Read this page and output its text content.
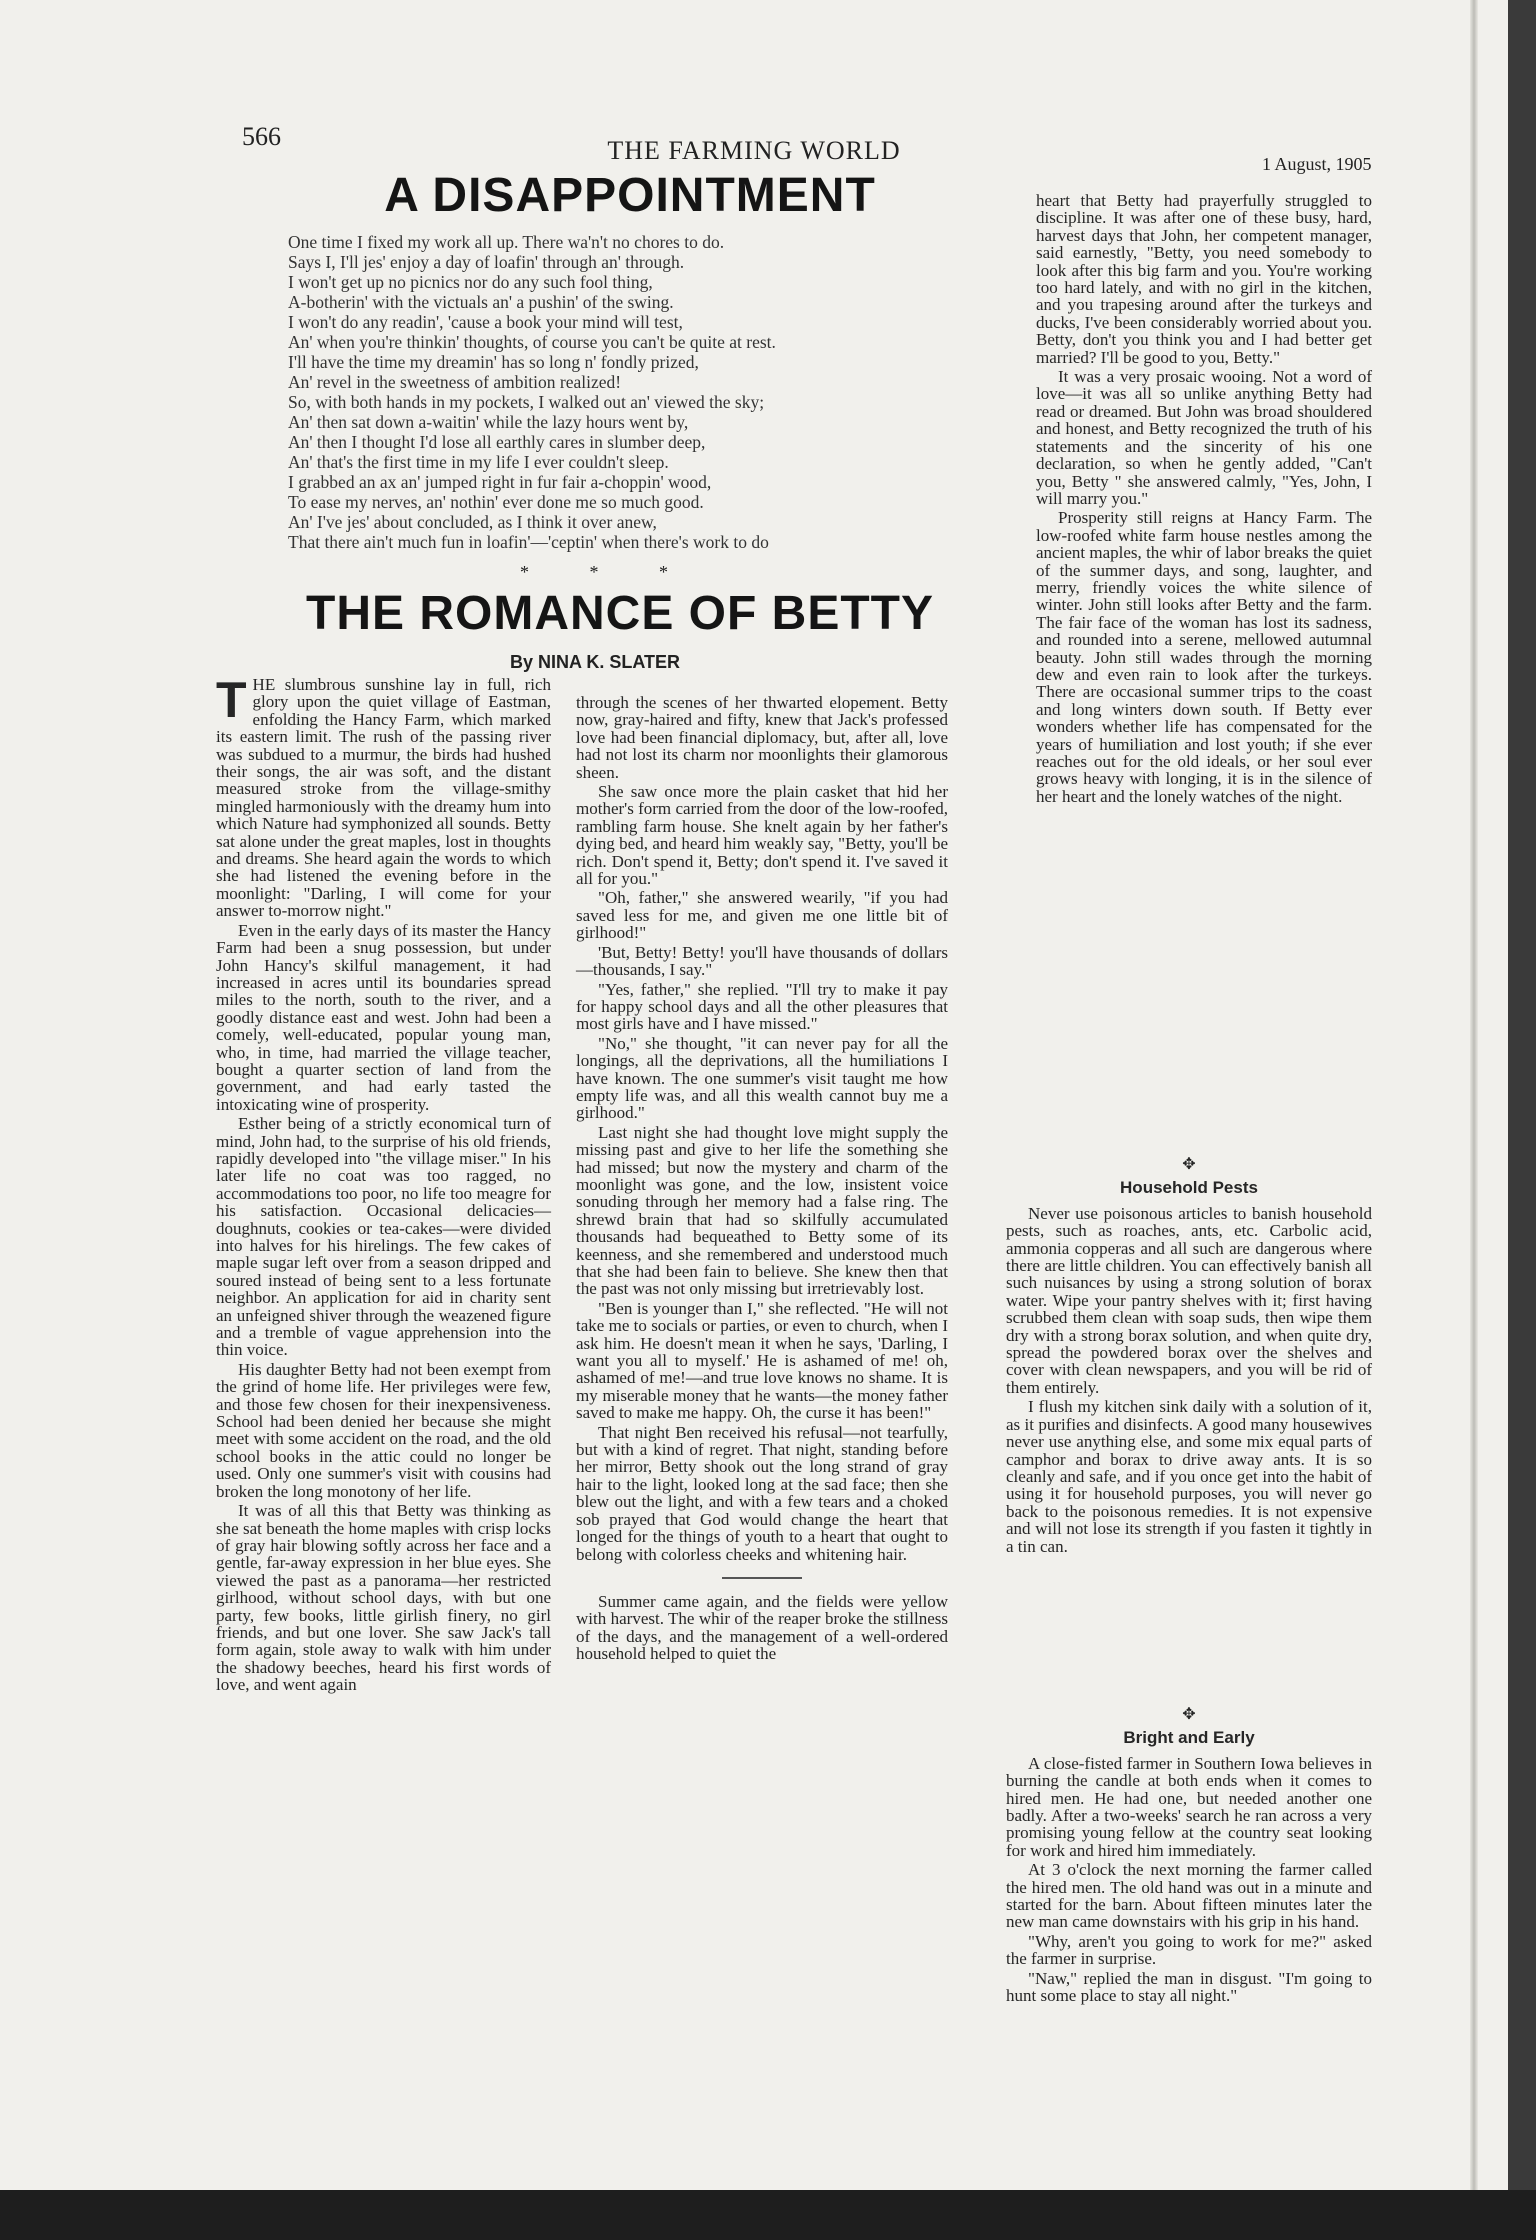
566	THE FARMING WORLD	1 August, 1905
A DISAPPOINTMENT
One time I fixed my work all up. There wa'n't no chores to do.
Says I, I'll jes' enjoy a day of loafin' through an' through.
I won't get up no picnics nor do any such fool thing,
A-botherin' with the victuals an' a pushin' of the swing.
I won't do any readin', 'cause a book your mind will test,
An' when you're thinkin' thoughts, of course you can't be quite at rest.
I'll have the time my dreamin' has so long n' fondly prized,
An' revel in the sweetness of ambition realized!
So, with both hands in my pockets, I walked out an' viewed the sky;
An' then sat down a-waitin' while the lazy hours went by,
An' then I thought I'd lose all earthly cares in slumber deep,
An' that's the first time in my life I ever couldn't sleep.
I grabbed an ax an' jumped right in fur fair a-choppin' wood,
To ease my nerves, an' nothin' ever done me so much good.
An' I've jes' about concluded, as I think it over anew,
That there ain't much fun in loafin'—'ceptin' when there's work to do
* * *
THE ROMANCE OF BETTY
By NINA K. SLATER

THE slumbrous sunshine lay in full, rich glory upon the quiet village of Eastman, enfolding the Hancy Farm, which marked its eastern limit. The rush of the passing river was subdued to a murmur, the birds had hushed their songs, the air was soft, and the distant measured stroke from the village-smithy mingled harmoniously with the dreamy hum into which Nature had symphonized all sounds. Betty sat alone under the great maples, lost in thoughts and dreams. She heard again the words to which she had listened the evening before in the moonlight: "Darling, I will come for your answer to-morrow night."

Even in the early days of its master the Hancy Farm had been a snug possession, but under John Hancy's skilful management, it had increased in acres until its boundaries spread miles to the north, south to the river, and a goodly distance east and west. John had been a comely, well-educated, popular young man, who, in time, had married the village teacher, bought a quarter section of land from the government, and had early tasted the intoxicating wine of prosperity.

Esther being of a strictly economical turn of mind, John had, to the surprise of his old friends, rapidly developed into "the village miser." In his later life no coat was too ragged, no accommodations too poor, no life too meagre for his satisfaction. Occasional delicacies—doughnuts, cookies or tea-cakes—were divided into halves for his hirelings. The few cakes of maple sugar left over from a season dripped and soured instead of being sent to a less fortunate neighbor. An application for aid in charity sent an unfeigned shiver through the weazened figure and a tremble of vague apprehension into the thin voice.

His daughter Betty had not been exempt from the grind of home life. Her privileges were few, and those few chosen for their inexpensiveness. School had been denied her because she might meet with some accident on the road, and the old school books in the attic could no longer be used. Only one summer's visit with cousins had broken the long monotony of her life.

It was of all this that Betty was thinking as she sat beneath the home maples with crisp locks of gray hair blowing softly across her face and a gentle, far-away expression in her blue eyes. She viewed the past as a panorama—her restricted girlhood, without school days, with but one party, few books, little girlish finery, no girl friends, and but one lover. She saw Jack's tall form again, stole away to walk with him under the shadowy beeches, heard his first words of love, and went again

through the scenes of her thwarted elopement. Betty now, gray-haired and fifty, knew that Jack's professed love had been financial diplomacy, but, after all, love had not lost its charm nor moonlights their glamorous sheen.

She saw once more the plain casket that hid her mother's form carried from the door of the low-roofed, rambling farm house. She knelt again by her father's dying bed, and heard him weakly say, "Betty, you'll be rich. Don't spend it, Betty; don't spend it. I've saved it all for you."

"Oh, father," she answered wearily, "if you had saved less for me, and given me one little bit of girlhood!"

'But, Betty! Betty! you'll have thousands of dollars—thousands, I say."

"Yes, father," she replied. "I'll try to make it pay for happy school days and all the other pleasures that most girls have and I have missed."

"No," she thought, "it can never pay for all the longings, all the deprivations, all the humiliations I have known. The one summer's visit taught me how empty life was, and all this wealth cannot buy me a girlhood."

Last night she had thought love might supply the missing past and give to her life the something she had missed; but now the mystery and charm of the moonlight was gone, and the low, insistent voice sonuding through her memory had a false ring. The shrewd brain that had so skilfully accumulated thousands had bequeathed to Betty some of its keenness, and she remembered and understood much that she had been fain to believe. She knew then that the past was not only missing but irretrievably lost.

"Ben is younger than I," she reflected. "He will not take me to socials or parties, or even to church, when I ask him. He doesn't mean it when he says, 'Darling, I want you all to myself.' He is ashamed of me! oh, ashamed of me!—and true love knows no shame. It is my miserable money that he wants—the money father saved to make me happy. Oh, the curse it has been!"

That night Ben received his refusal—not tearfully, but with a kind of regret. That night, standing before her mirror, Betty shook out the long strand of gray hair to the light, looked long at the sad face; then she blew out the light, and with a few tears and a choked sob prayed that God would change the heart that longed for the things of youth to a heart that ought to belong with colorless cheeks and whitening hair.

Summer came again, and the fields were yellow with harvest. The whir of the reaper broke the stillness of the days, and the management of a well-ordered household helped to quiet the

heart that Betty had prayerfully struggled to discipline. It was after one of these busy, hard, harvest days that John, her competent manager, said earnestly, "Betty, you need somebody to look after this big farm and you. You're working too hard lately, and with no girl in the kitchen, and you trapesing around after the turkeys and ducks, I've been considerably worried about you. Betty, don't you think you and I had better get married? I'll be good to you, Betty."

It was a very prosaic wooing. Not a word of love—it was all so unlike anything Betty had read or dreamed. But John was broad shouldered and honest, and Betty recognized the truth of his statements and the sincerity of his one declaration, so when he gently added, "Can't you, Betty " she answered calmly, "Yes, John, I will marry you."

Prosperity still reigns at Hancy Farm. The low-roofed white farm house nestles among the ancient maples, the whir of labor breaks the quiet of the summer days, and song, laughter, and merry, friendly voices the white silence of winter. John still looks after Betty and the farm. The fair face of the woman has lost its sadness, and rounded into a serene, mellowed autumnal beauty. John still wades through the morning dew and even rain to look after the turkeys. There are occasional summer trips to the coast and long winters down south. If Betty ever wonders whether life has compensated for the years of humiliation and lost youth; if she ever reaches out for the old ideals, or her soul ever grows heavy with longing, it is in the silence of her heart and the lonely watches of the night.

✥
Household Pests

Never use poisonous articles to banish household pests, such as roaches, ants, etc. Carbolic acid, ammonia copperas and all such are dangerous where there are little children. You can effectively banish all such nuisances by using a strong solution of borax water. Wipe your pantry shelves with it; first having scrubbed them clean with soap suds, then wipe them dry with a strong borax solution, and when quite dry, spread the powdered borax over the shelves and cover with clean newspapers, and you will be rid of them entirely.

I flush my kitchen sink daily with a solution of it, as it purifies and disinfects. A good many housewives never use anything else, and some mix equal parts of camphor and borax to drive away ants. It is so cleanly and safe, and if you once get into the habit of using it for household purposes, you will never go back to the poisonous remedies. It is not expensive and will not lose its strength if you fasten it tightly in a tin can.

✥
Bright and Early

A close-fisted farmer in Southern Iowa believes in burning the candle at both ends when it comes to hired men. He had one, but needed another one badly. After a two-weeks' search he ran across a very promising young fellow at the country seat looking for work and hired him immediately.

At 3 o'clock the next morning the farmer called the hired men. The old hand was out in a minute and started for the barn. About fifteen minutes later the new man came downstairs with his grip in his hand.

"Why, aren't you going to work for me?" asked the farmer in surprise.

"Naw," replied the man in disgust. "I'm going to hunt some place to stay all night."
